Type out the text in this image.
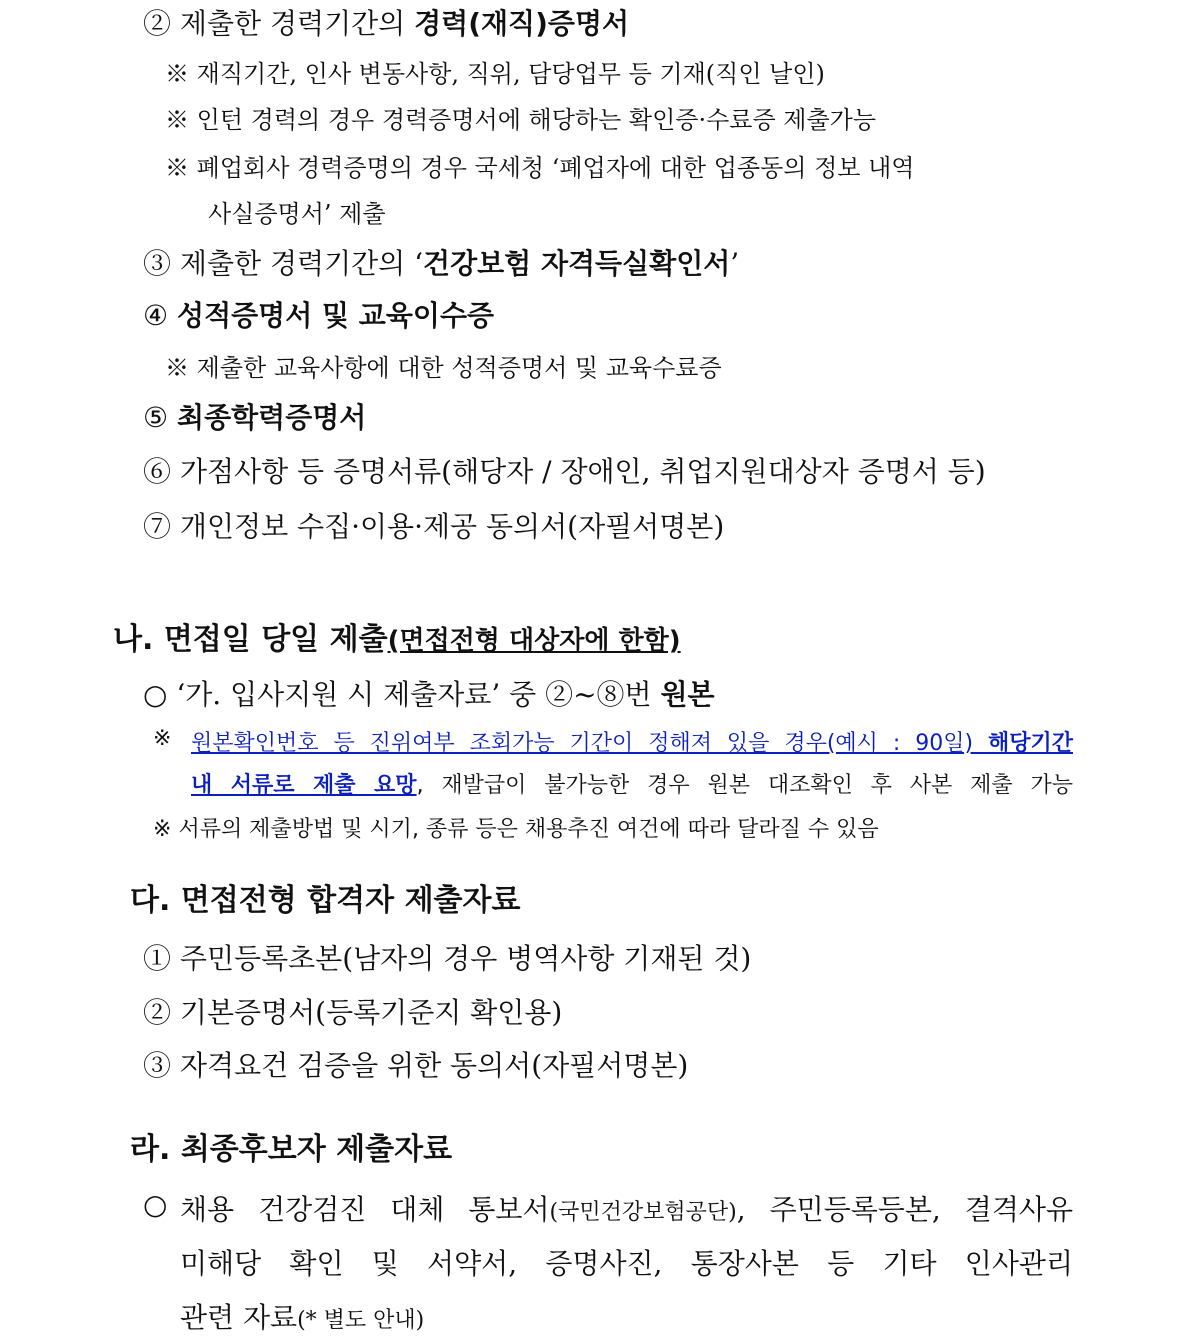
② 제출한 경력기간의 경력(재직)증명서
※ 재직기간, 인사 변동사항, 직위, 담당업무 등 기재(직인 날인)
※ 인턴 경력의 경우 경력증명서에 해당하는 확인증·수료증 제출가능
※ 폐업회사 경력증명의 경우 국세청 ‘폐업자에 대한 업종동의 정보 내역
사실증명서’ 제출
③ 제출한 경력기간의 ‘건강보험 자격득실확인서’
④ 성적증명서 및 교육이수증
※ 제출한 교육사항에 대한 성적증명서 및 교육수료증
⑤ 최종학력증명서
⑥ 가점사항 등 증명서류(해당자 / 장애인, 취업지원대상자 증명서 등)
⑦ 개인정보 수집·이용·제공 동의서(자필서명본)
나. 면접일 당일 제출(면접전형 대상자에 한함)
○ ‘가. 입사지원 시 제출자료’ 중 ②~⑧번 원본
※ 원본확인번호 등 진위여부 조회가능 기간이 정해져 있을 경우(예시 : 90일) 해당기간
내 서류로 제출 요망, 재발급이 불가능한 경우 원본 대조확인 후 사본 제출 가능
※ 서류의 제출방법 및 시기, 종류 등은 채용추진 여건에 따라 달라질 수 있음
다. 면접전형 합격자 제출자료
① 주민등록초본(남자의 경우 병역사항 기재된 것)
② 기본증명서(등록기준지 확인용)
③ 자격요건 검증을 위한 동의서(자필서명본)
라. 최종후보자 제출자료
○ 채용 건강검진 대체 통보서(국민건강보험공단), 주민등록등본, 결격사유
미해당 확인 및 서약서, 증명사진, 통장사본 등 기타 인사관리
관련 자료(* 별도 안내)
